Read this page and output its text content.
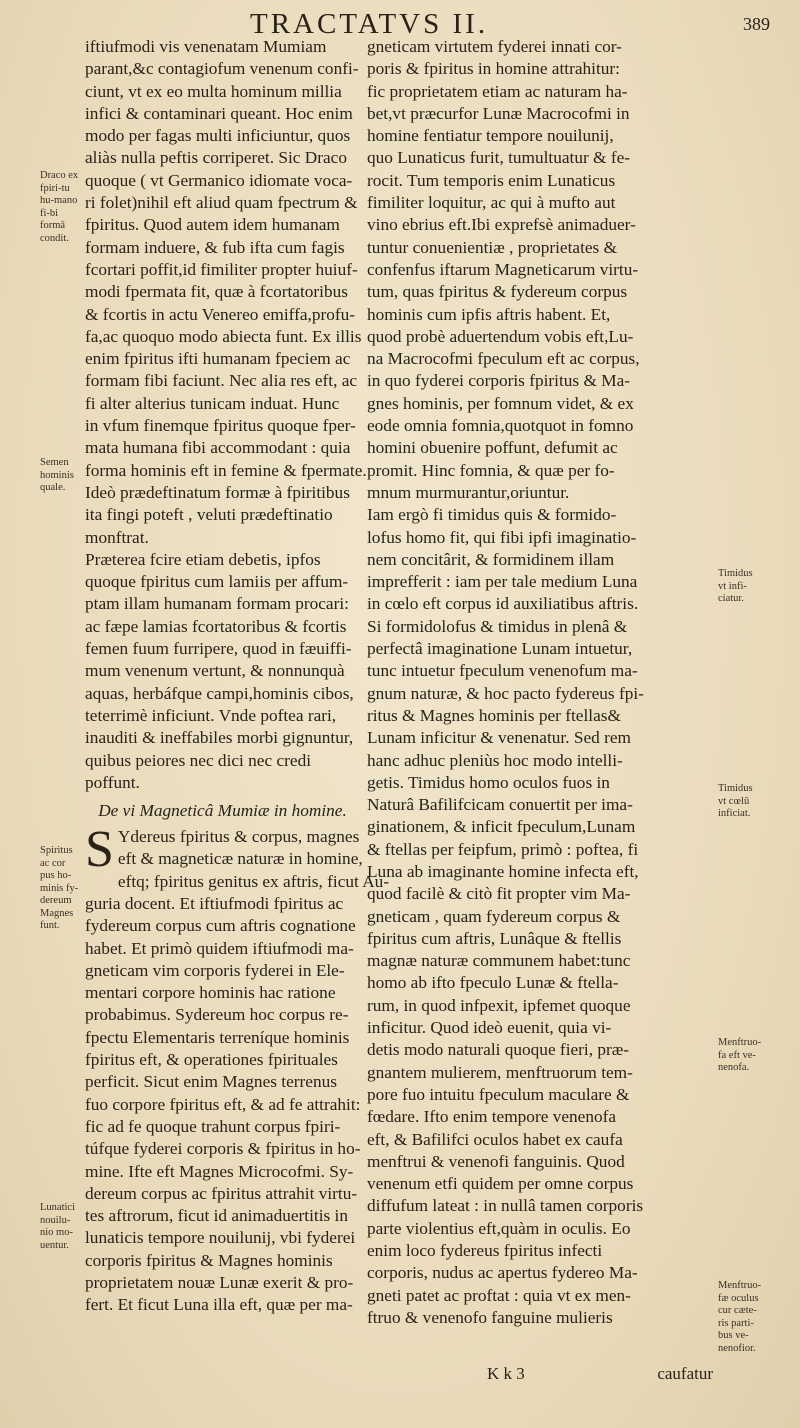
TRACTATVS II.	389
iftiufmodi vis venenatam Mumiam
parant,&c contagiofum venenum confi-
ciunt, vt ex eo multa hominum millia
infici & contaminari queant. Hoc enim
modo per fagas multi inficiuntur, quos
aliàs nulla peftis corriperet. Sic Draco
quoque ( vt Germanico idiomate voca-
ri folet)nihil eft aliud quam fpectrum &
fpiritus. Quod autem idem humanam
formam induere, & fub ifta cum fagis
fcortari poffit,id fimiliter propter huiuf-
modi fpermata fit, quæ à fcortatoribus
& fcortis in actu Venereo emiffa,profu-
fa,ac quoquo modo abiecta funt. Ex illis
enim fpiritus ifti humanam fpeciem ac
formam fibi faciunt. Nec alia res eft, ac
fi alter alterius tunicam induat. Hunc
in vfum finemque fpiritus quoque fper-
mata humana fibi accommodant : quia
forma hominis eft in femine & fpermate.
Ideò prædeftinatum formæ à fpiritibus
ita fingi poteft , veluti prædeftinatio
monftrat.
Præterea fcire etiam debetis, ipfos
quoque fpiritus cum lamiis per affum-
ptam illam humanam formam procari:
ac fæpe lamias fcortatoribus & fcortis
femen fuum furripere, quod in fæuiffi-
mum venenum vertunt, & nonnunquà
aquas, herbáfque campi,hominis cibos,
teterrimè inficiunt. Vnde poftea rari,
inauditi & ineffabiles morbi gignuntur,
quibus peiores nec dici nec credi
poffunt.
De vi Magneticâ Mumiæ in homine.
S Ydereus fpiritus & corpus, magnes
eft & magneticæ naturæ in homine,
eftq; fpiritus genitus ex aftris, ficut Au-
guria docent. Et iftiufmodi fpiritus ac
fydereum corpus cum aftris cognatione
habet. Et primò quidem iftiufmodi ma-
gneticam vim corporis fyderei in Ele-
mentari corpore hominis hac ratione
probabimus. Sydereum hoc corpus re-
fpectu Elementaris terreníque hominis
fpiritus eft, & operationes fpirituales
perficit. Sicut enim Magnes terrenus
fuo corpore fpiritus eft, & ad fe attrahit:
fic ad fe quoque trahunt corpus fpiri-
túfque fyderei corporis & fpiritus in ho-
mine. Ifte eft Magnes Microcofmi. Sy-
dereum corpus ac fpiritus attrahit virtu-
tes aftrorum, ficut id animaduertitis in
lunaticis tempore nouilunij, vbi fyderei
corporis fpiritus & Magnes hominis
proprietatem nouæ Lunæ exerit & pro-
fert. Et ficut Luna illa eft, quæ per ma-
gneticam virtutem fyderei innati cor-
poris & fpiritus in homine attrahitur:
fic proprietatem etiam ac naturam ha-
bet,vt præcurfor Lunæ Macrocofmi in
homine fentiatur tempore nouilunij,
quo Lunaticus furit, tumultuatur & fe-
rocit. Tum temporis enim Lunaticus
fimiliter loquitur, ac qui à mufto aut
vino ebrius eft.Ibi exprefsè animaduer-
tuntur conuenientiæ , proprietates &
confenfus iftarum Magneticarum virtu-
tum, quas fpiritus & fydereum corpus
hominis cum ipfis aftris habent. Et,
quod probè aduertendum vobis eft,Lu-
na Macrocofmi fpeculum eft ac corpus,
in quo fyderei corporis fpiritus & Ma-
gnes hominis, per fomnum videt, & ex
eode omnia fomnia,quotquot in fomno
homini obuenire poffunt, defumit ac
promit. Hinc fomnia, & quæ per fo-
mnum murmurantur,oriuntur.
Iam ergò fi timidus quis & formido-
lofus homo fit, qui fibi ipfi imaginatio-
nem concitârit, & formidinem illam
imprefferit : iam per tale medium Luna
in cœlo eft corpus id auxiliatibus aftris.
Si formidolofus & timidus in plenâ &
perfectâ imaginatione Lunam intuetur,
tunc intuetur fpeculum venenofum ma-
gnum naturæ, & hoc pacto fydereus fpi-
ritus & Magnes hominis per ftellas&
Lunam inficitur & venenatur. Sed rem
hanc adhuc pleniùs hoc modo intelli-
getis. Timidus homo oculos fuos in
Naturâ Bafilifcicam conuertit per ima-
ginationem, & inficit fpeculum,Lunam
& ftellas per feipfum, primò : poftea, fi
Luna ab imaginante homine infecta eft,
quod facilè & citò fit propter vim Ma-
gneticam , quam fydereum corpus &
fpiritus cum aftris, Lunâque & ftellis
magnæ naturæ communem habet:tunc
homo ab ifto fpeculo Lunæ & ftella-
rum, in quod infpexit, ipfemet quoque
inficitur. Quod ideò euenit, quia vi-
detis modo naturali quoque fieri, præ-
gnantem mulierem, menftruorum tem-
pore fuo intuitu fpeculum maculare &
fœdare. Ifto enim tempore venenofa
eft, & Bafilifci oculos habet ex caufa
menftrui & venenofi fanguinis. Quod
venenum etfi quidem per omne corpus
diffufum lateat : in nullâ tamen corporis
parte violentius eft,quàm in oculis. Eo
enim loco fydereus fpiritus infecti
corporis, nudus ac apertus fydereo Ma-
gneti patet ac proftat : quia vt ex men-
ftruo & venenofo fanguine mulieris
Draco ex fpiri-tu hu-mano fi-bi formā condit.
Semen hominis quale.
Spiritus ac cor pus ho-minis fy-dereum Magnes funt.
Lunatici nouilu-nio mo-uentur.
Timidus vt infi-ciatur.
Timidus vt cœlū inficiat.
Menftruo-fa eft ve-nenofa.
Menftruo-fæ oculus cur cæte-ris parti-bus ve-nenofior.
K k 3	caufatur
